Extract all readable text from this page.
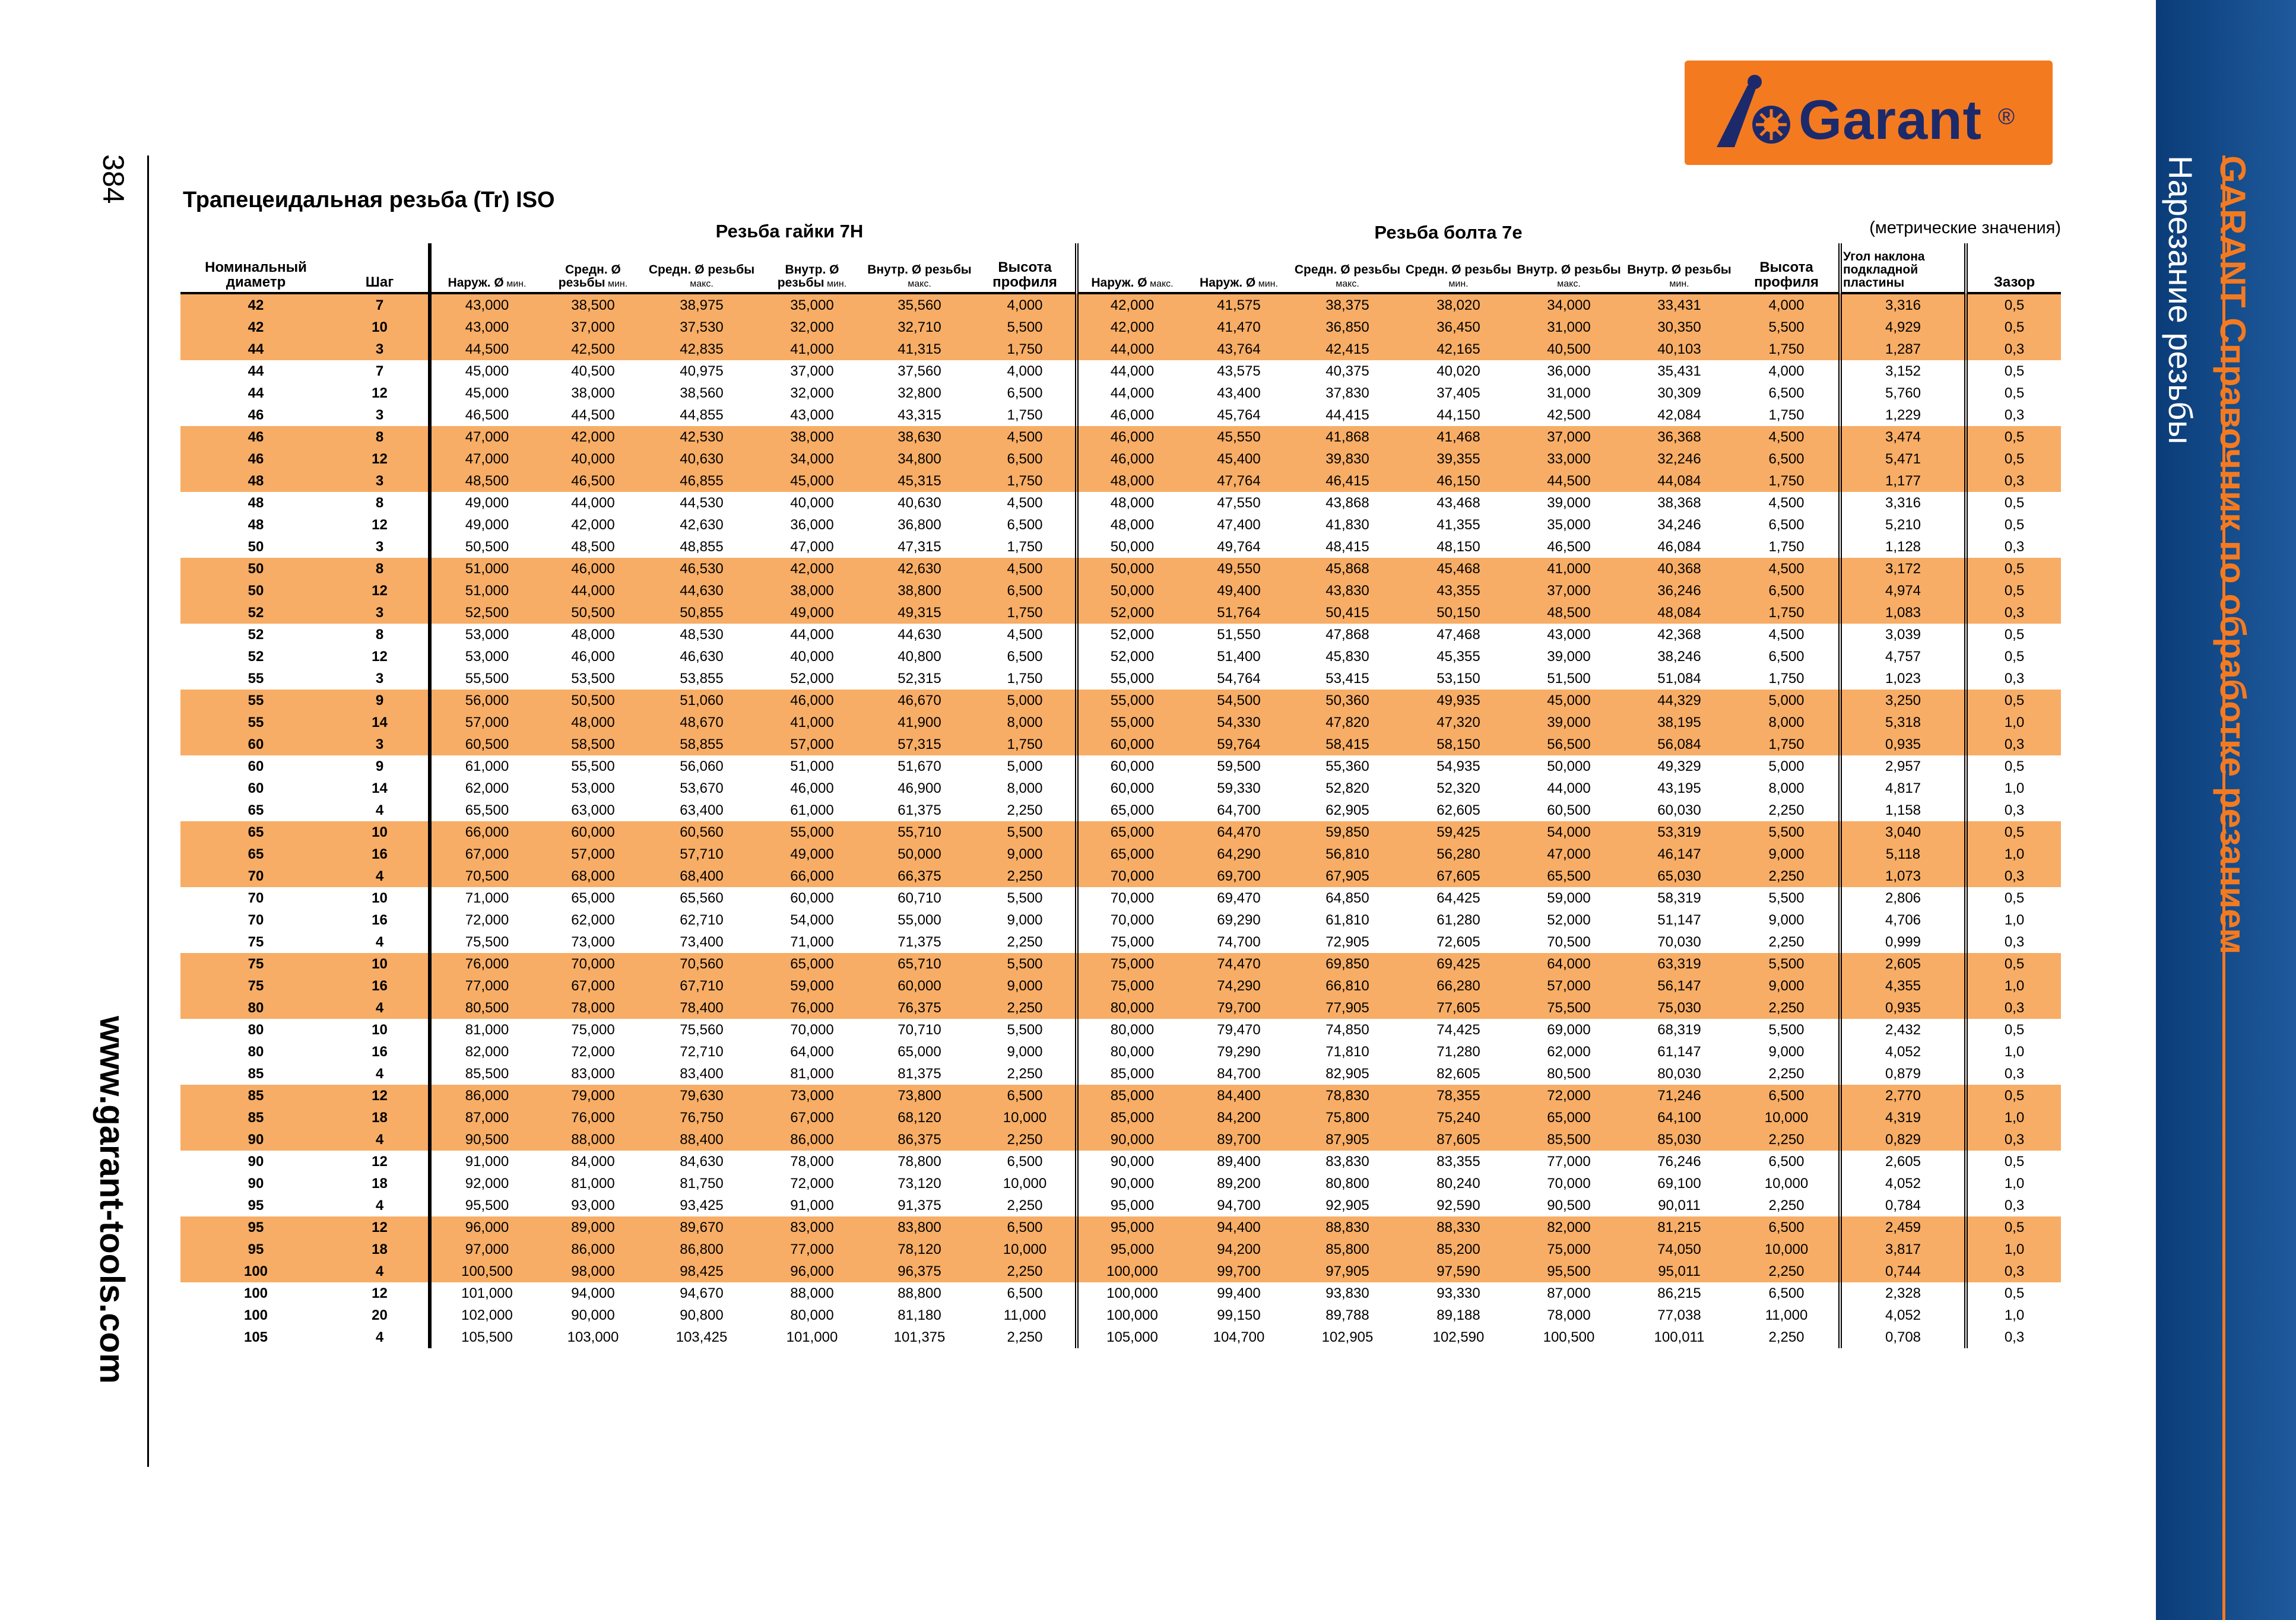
GARANT Справочник по обработке резанием
Нарезание резьбы
384
www.garant-tools.com
Garant ®
Трапецеидальная резьба (Tr) ISO
Резьба гайки 7H	Резьба болта 7e	(метрические значения)
Номинальный диаметр	Шаг	Наруж. Ø мин.	Средн. Ø резьбы мин.	Средн. Ø резьбы макс.	Внутр. Ø резьбы мин.	Внутр. Ø резьбы макс.	Высота профиля	Наруж. Ø макс.	Наруж. Ø мин.	Средн. Ø резьбы макс.	Средн. Ø резьбы мин.	Внутр. Ø резьбы макс.	Внутр. Ø резьбы мин.	Высота профиля	Угол наклона подкладной пластины	Зазор
42	7	43,000	38,500	38,975	35,000	35,560	4,000	42,000	41,575	38,375	38,020	34,000	33,431	4,000	3,316	0,5
42	10	43,000	37,000	37,530	32,000	32,710	5,500	42,000	41,470	36,850	36,450	31,000	30,350	5,500	4,929	0,5
44	3	44,500	42,500	42,835	41,000	41,315	1,750	44,000	43,764	42,415	42,165	40,500	40,103	1,750	1,287	0,3
44	7	45,000	40,500	40,975	37,000	37,560	4,000	44,000	43,575	40,375	40,020	36,000	35,431	4,000	3,152	0,5
44	12	45,000	38,000	38,560	32,000	32,800	6,500	44,000	43,400	37,830	37,405	31,000	30,309	6,500	5,760	0,5
46	3	46,500	44,500	44,855	43,000	43,315	1,750	46,000	45,764	44,415	44,150	42,500	42,084	1,750	1,229	0,3
46	8	47,000	42,000	42,530	38,000	38,630	4,500	46,000	45,550	41,868	41,468	37,000	36,368	4,500	3,474	0,5
46	12	47,000	40,000	40,630	34,000	34,800	6,500	46,000	45,400	39,830	39,355	33,000	32,246	6,500	5,471	0,5
48	3	48,500	46,500	46,855	45,000	45,315	1,750	48,000	47,764	46,415	46,150	44,500	44,084	1,750	1,177	0,3
48	8	49,000	44,000	44,530	40,000	40,630	4,500	48,000	47,550	43,868	43,468	39,000	38,368	4,500	3,316	0,5
48	12	49,000	42,000	42,630	36,000	36,800	6,500	48,000	47,400	41,830	41,355	35,000	34,246	6,500	5,210	0,5
50	3	50,500	48,500	48,855	47,000	47,315	1,750	50,000	49,764	48,415	48,150	46,500	46,084	1,750	1,128	0,3
50	8	51,000	46,000	46,530	42,000	42,630	4,500	50,000	49,550	45,868	45,468	41,000	40,368	4,500	3,172	0,5
50	12	51,000	44,000	44,630	38,000	38,800	6,500	50,000	49,400	43,830	43,355	37,000	36,246	6,500	4,974	0,5
52	3	52,500	50,500	50,855	49,000	49,315	1,750	52,000	51,764	50,415	50,150	48,500	48,084	1,750	1,083	0,3
52	8	53,000	48,000	48,530	44,000	44,630	4,500	52,000	51,550	47,868	47,468	43,000	42,368	4,500	3,039	0,5
52	12	53,000	46,000	46,630	40,000	40,800	6,500	52,000	51,400	45,830	45,355	39,000	38,246	6,500	4,757	0,5
55	3	55,500	53,500	53,855	52,000	52,315	1,750	55,000	54,764	53,415	53,150	51,500	51,084	1,750	1,023	0,3
55	9	56,000	50,500	51,060	46,000	46,670	5,000	55,000	54,500	50,360	49,935	45,000	44,329	5,000	3,250	0,5
55	14	57,000	48,000	48,670	41,000	41,900	8,000	55,000	54,330	47,820	47,320	39,000	38,195	8,000	5,318	1,0
60	3	60,500	58,500	58,855	57,000	57,315	1,750	60,000	59,764	58,415	58,150	56,500	56,084	1,750	0,935	0,3
60	9	61,000	55,500	56,060	51,000	51,670	5,000	60,000	59,500	55,360	54,935	50,000	49,329	5,000	2,957	0,5
60	14	62,000	53,000	53,670	46,000	46,900	8,000	60,000	59,330	52,820	52,320	44,000	43,195	8,000	4,817	1,0
65	4	65,500	63,000	63,400	61,000	61,375	2,250	65,000	64,700	62,905	62,605	60,500	60,030	2,250	1,158	0,3
65	10	66,000	60,000	60,560	55,000	55,710	5,500	65,000	64,470	59,850	59,425	54,000	53,319	5,500	3,040	0,5
65	16	67,000	57,000	57,710	49,000	50,000	9,000	65,000	64,290	56,810	56,280	47,000	46,147	9,000	5,118	1,0
70	4	70,500	68,000	68,400	66,000	66,375	2,250	70,000	69,700	67,905	67,605	65,500	65,030	2,250	1,073	0,3
70	10	71,000	65,000	65,560	60,000	60,710	5,500	70,000	69,470	64,850	64,425	59,000	58,319	5,500	2,806	0,5
70	16	72,000	62,000	62,710	54,000	55,000	9,000	70,000	69,290	61,810	61,280	52,000	51,147	9,000	4,706	1,0
75	4	75,500	73,000	73,400	71,000	71,375	2,250	75,000	74,700	72,905	72,605	70,500	70,030	2,250	0,999	0,3
75	10	76,000	70,000	70,560	65,000	65,710	5,500	75,000	74,470	69,850	69,425	64,000	63,319	5,500	2,605	0,5
75	16	77,000	67,000	67,710	59,000	60,000	9,000	75,000	74,290	66,810	66,280	57,000	56,147	9,000	4,355	1,0
80	4	80,500	78,000	78,400	76,000	76,375	2,250	80,000	79,700	77,905	77,605	75,500	75,030	2,250	0,935	0,3
80	10	81,000	75,000	75,560	70,000	70,710	5,500	80,000	79,470	74,850	74,425	69,000	68,319	5,500	2,432	0,5
80	16	82,000	72,000	72,710	64,000	65,000	9,000	80,000	79,290	71,810	71,280	62,000	61,147	9,000	4,052	1,0
85	4	85,500	83,000	83,400	81,000	81,375	2,250	85,000	84,700	82,905	82,605	80,500	80,030	2,250	0,879	0,3
85	12	86,000	79,000	79,630	73,000	73,800	6,500	85,000	84,400	78,830	78,355	72,000	71,246	6,500	2,770	0,5
85	18	87,000	76,000	76,750	67,000	68,120	10,000	85,000	84,200	75,800	75,240	65,000	64,100	10,000	4,319	1,0
90	4	90,500	88,000	88,400	86,000	86,375	2,250	90,000	89,700	87,905	87,605	85,500	85,030	2,250	0,829	0,3
90	12	91,000	84,000	84,630	78,000	78,800	6,500	90,000	89,400	83,830	83,355	77,000	76,246	6,500	2,605	0,5
90	18	92,000	81,000	81,750	72,000	73,120	10,000	90,000	89,200	80,800	80,240	70,000	69,100	10,000	4,052	1,0
95	4	95,500	93,000	93,425	91,000	91,375	2,250	95,000	94,700	92,905	92,590	90,500	90,011	2,250	0,784	0,3
95	12	96,000	89,000	89,670	83,000	83,800	6,500	95,000	94,400	88,830	88,330	82,000	81,215	6,500	2,459	0,5
95	18	97,000	86,000	86,800	77,000	78,120	10,000	95,000	94,200	85,800	85,200	75,000	74,050	10,000	3,817	1,0
100	4	100,500	98,000	98,425	96,000	96,375	2,250	100,000	99,700	97,905	97,590	95,500	95,011	2,250	0,744	0,3
100	12	101,000	94,000	94,670	88,000	88,800	6,500	100,000	99,400	93,830	93,330	87,000	86,215	6,500	2,328	0,5
100	20	102,000	90,000	90,800	80,000	81,180	11,000	100,000	99,150	89,788	89,188	78,000	77,038	11,000	4,052	1,0
105	4	105,500	103,000	103,425	101,000	101,375	2,250	105,000	104,700	102,905	102,590	100,500	100,011	2,250	0,708	0,3
